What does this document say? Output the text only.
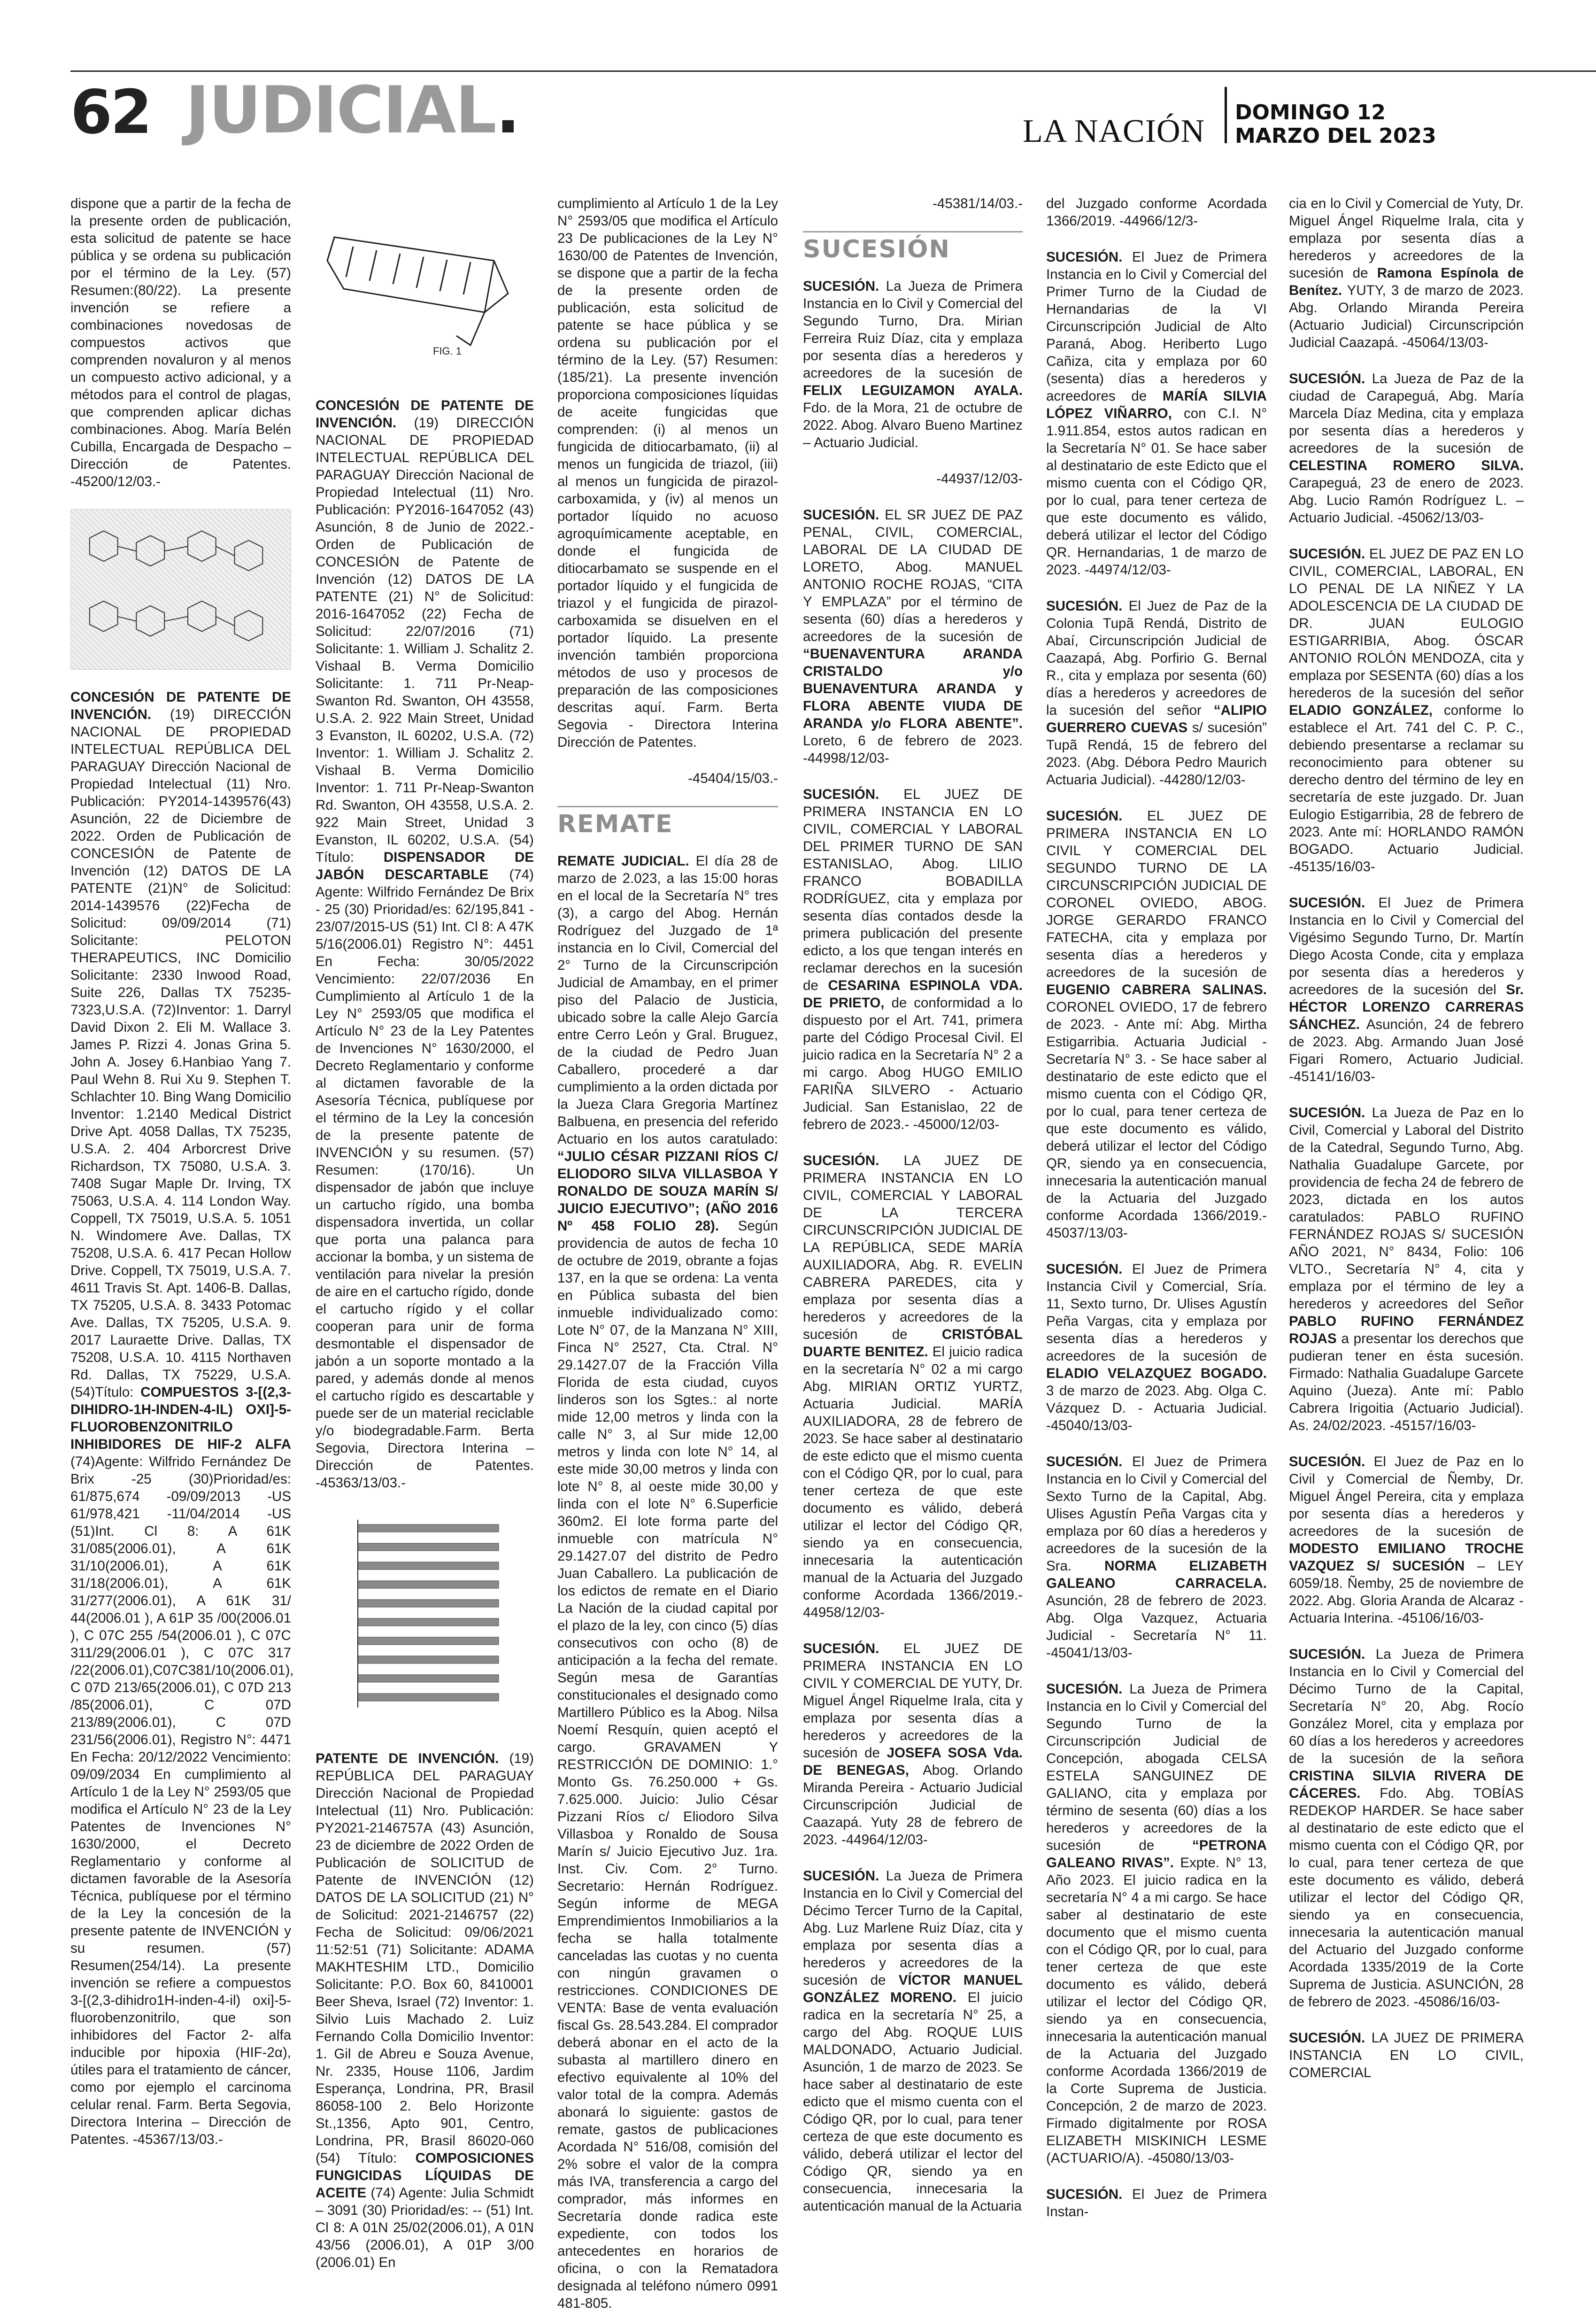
62 JUDICIAL.	LA NACIÓN
DOMINGO 12
MARZO DEL 2023

dispone que a partir de la fecha de la presente orden de publicación, esta solicitud de patente se hace pública y se ordena su publicación por el término de la Ley. (57) Resumen:(80/22). La presente invención se refiere a combinaciones novedosas de compuestos activos que comprenden novaluron y al menos un compuesto activo adicional, y a métodos para el control de plagas, que comprenden aplicar dichas combinaciones. Abog. María Belén Cubilla, Encargada de Despacho – Dirección de Patentes. -45200/12/03.-

CONCESIÓN DE PATENTE DE INVENCIÓN. (19) DIRECCIÓN NACIONAL DE PROPIEDAD INTELECTUAL REPÚBLICA DEL PARAGUAY Dirección Nacional de Propiedad Intelectual (11) Nro. Publicación: PY2014-1439576(43) Asunción, 22 de Diciembre de 2022. Orden de Publicación de CONCESIÓN de Patente de Invención (12) DATOS DE LA PATENTE (21)N° de Solicitud: 2014-1439576 (22)Fecha de Solicitud: 09/09/2014 (71) Solicitante: PELOTON THERAPEUTICS, INC Domicilio Solicitante: 2330 Inwood Road, Suite 226, Dallas TX 75235-7323,U.S.A. (72)Inventor: 1. Darryl David Dixon 2. Eli M. Wallace 3. James P. Rizzi 4. Jonas Grina 5. John A. Josey 6.Hanbiao Yang 7. Paul Wehn 8. Rui Xu 9. Stephen T. Schlachter 10. Bing Wang Domicilio Inventor: 1.2140 Medical District Drive Apt. 4058 Dallas, TX 75235, U.S.A. 2. 404 Arborcrest Drive Richardson, TX 75080, U.S.A. 3. 7408 Sugar Maple Dr. Irving, TX 75063, U.S.A. 4. 114 London Way. Coppell, TX 75019, U.S.A. 5. 1051 N. Windomere Ave. Dallas, TX 75208, U.S.A. 6. 417 Pecan Hollow Drive. Coppell, TX 75019, U.S.A. 7. 4611 Travis St. Apt. 1406-B. Dallas, TX 75205, U.S.A. 8. 3433 Potomac Ave. Dallas, TX 75205, U.S.A. 9. 2017 Lauraette Drive. Dallas, TX 75208, U.S.A. 10. 4115 Northaven Rd. Dallas, TX 75229, U.S.A. (54)Título: COMPUESTOS 3-[(2,3-DIHIDRO-1H-INDEN-4-IL) OXI]-5-FLUOROBENZONITRILO INHIBIDORES DE HIF-2 ALFA (74)Agente: Wilfrido Fernández De Brix -25 (30)Prioridad/es: 61/875,674 -09/09/2013 -US 61/978,421 -11/04/2014 -US (51)Int. Cl 8: A 61K 31/085(2006.01), A 61K 31/10(2006.01), A 61K 31/18(2006.01), A 61K 31/277(2006.01), A 61K 31/ 44(2006.01 ), A 61P 35 /00(2006.01 ), C 07C 255 /54(2006.01 ), C 07C 311/29(2006.01 ), C 07C 317 /22(2006.01),C07C381/10(2006.01), C 07D 213/65(2006.01), C 07D 213 /85(2006.01), C 07D 213/89(2006.01), C 07D 231/56(2006.01), Registro N°: 4471 En Fecha: 20/12/2022 Vencimiento: 09/09/2034 En cumplimiento al Artículo 1 de la Ley N° 2593/05 que modifica el Artículo N° 23 de la Ley Patentes de Invenciones N° 1630/2000, el Decreto Reglamentario y conforme al dictamen favorable de la Asesoría Técnica, publíquese por el término de la Ley la concesión de la presente patente de INVENCIÓN y su resumen. (57) Resumen(254/14). La presente invención se refiere a compuestos 3-[(2,3-dihidro1H-inden-4-il) oxi]-5-fluorobenzonitrilo, que son inhibidores del Factor 2- alfa inducible por hipoxia (HIF-2α), útiles para el tratamiento de cáncer, como por ejemplo el carcinoma celular renal. Farm. Berta Segovia, Directora Interina – Dirección de Patentes. -45367/13/03.-

FIG. 1

CONCESIÓN DE PATENTE DE INVENCIÓN. (19) DIRECCIÓN NACIONAL DE PROPIEDAD INTELECTUAL REPÚBLICA DEL PARAGUAY Dirección Nacional de Propiedad Intelectual (11) Nro. Publicación: PY2016-1647052 (43) Asunción, 8 de Junio de 2022.-Orden de Publicación de CONCESIÓN de Patente de Invención (12) DATOS DE LA PATENTE (21) N° de Solicitud: 2016-1647052 (22) Fecha de Solicitud: 22/07/2016 (71) Solicitante: 1. William J. Schalitz 2. Vishaal B. Verma Domicilio Solicitante: 1. 711 Pr-Neap-Swanton Rd. Swanton, OH 43558, U.S.A. 2. 922 Main Street, Unidad 3 Evanston, IL 60202, U.S.A. (72) Inventor: 1. William J. Schalitz 2. Vishaal B. Verma Domicilio Inventor: 1. 711 Pr-Neap-Swanton Rd. Swanton, OH 43558, U.S.A. 2. 922 Main Street, Unidad 3 Evanston, IL 60202, U.S.A. (54) Título: DISPENSADOR DE JABÓN DESCARTABLE (74) Agente: Wilfrido Fernández De Brix - 25 (30) Prioridad/es: 62/195,841 - 23/07/2015-US (51) Int. Cl 8: A 47K 5/16(2006.01) Registro N°: 4451 En Fecha: 30/05/2022 Vencimiento: 22/07/2036 En Cumplimiento al Artículo 1 de la Ley N° 2593/05 que modifica el Artículo N° 23 de la Ley Patentes de Invenciones N° 1630/2000, el Decreto Reglamentario y conforme al dictamen favorable de la Asesoría Técnica, publíquese por el término de la Ley la concesión de la presente patente de INVENCIÓN y su resumen. (57) Resumen: (170/16). Un dispensador de jabón que incluye un cartucho rígido, una bomba dispensadora invertida, un collar que porta una palanca para accionar la bomba, y un sistema de ventilación para nivelar la presión de aire en el cartucho rígido, donde el cartucho rígido y el collar cooperan para unir de forma desmontable el dispensador de jabón a un soporte montado a la pared, y además donde al menos el cartucho rígido es descartable y puede ser de un material reciclable y/o biodegradable.Farm. Berta Segovia, Directora Interina – Dirección de Patentes. -45363/13/03.-

PATENTE DE INVENCIÓN. (19) REPÚBLICA DEL PARAGUAY Dirección Nacional de Propiedad Intelectual (11) Nro. Publicación: PY2021-2146757A (43) Asunción, 23 de diciembre de 2022 Orden de Publicación de SOLICITUD de Patente de INVENCIÓN (12) DATOS DE LA SOLICITUD (21) N° de Solicitud: 2021-2146757 (22) Fecha de Solicitud: 09/06/2021 11:52:51 (71) Solicitante: ADAMA MAKHTESHIM LTD., Domicilio Solicitante: P.O. Box 60, 8410001 Beer Sheva, Israel (72) Inventor: 1. Silvio Luis Machado 2. Luiz Fernando Colla Domicilio Inventor: 1. Gil de Abreu e Souza Avenue, Nr. 2335, House 1106, Jardim Esperança, Londrina, PR, Brasil 86058-100 2. Belo Horizonte St.,1356, Apto 901, Centro, Londrina, PR, Brasil 86020-060 (54) Título: COMPOSICIONES FUNGICIDAS LÍQUIDAS DE ACEITE (74) Agente: Julia Schmidt – 3091 (30) Prioridad/es: -- (51) Int. Cl 8: A 01N 25/02(2006.01), A 01N 43/56 (2006.01), A 01P 3/00 (2006.01) En

cumplimiento al Artículo 1 de la Ley N° 2593/05 que modifica el Artículo 23 De publicaciones de la Ley N° 1630/00 de Patentes de Invención, se dispone que a partir de la fecha de la presente orden de publicación, esta solicitud de patente se hace pública y se ordena su publicación por el término de la Ley. (57) Resumen: (185/21). La presente invención proporciona composiciones líquidas de aceite fungicidas que comprenden: (i) al menos un fungicida de ditiocarbamato, (ii) al menos un fungicida de triazol, (iii) al menos un fungicida de pirazol-carboxamida, y (iv) al menos un portador líquido no acuoso agroquímicamente aceptable, en donde el fungicida de ditiocarbamato se suspende en el portador líquido y el fungicida de triazol y el fungicida de pirazol- carboxamida se disuelven en el portador líquido. La presente invención también proporciona métodos de uso y procesos de preparación de las composiciones descritas aquí. Farm. Berta Segovia - Directora Interina Dirección de Patentes.

-45404/15/03.-

REMATE

REMATE JUDICIAL. El día 28 de marzo de 2.023, a las 15:00 horas en el local de la Secretaría N° tres (3), a cargo del Abog. Hernán Rodríguez del Juzgado de 1ª instancia en lo Civil, Comercial del 2° Turno de la Circunscripción Judicial de Amambay, en el primer piso del Palacio de Justicia, ubicado sobre la calle Alejo García entre Cerro León y Gral. Bruguez, de la ciudad de Pedro Juan Caballero, procederé a dar cumplimiento a la orden dictada por la Jueza Clara Gregoria Martínez Balbuena, en presencia del referido Actuario en los autos caratulado: “JULIO CÉSAR PIZZANI RÍOS C/ ELIODORO SILVA VILLASBOA Y RONALDO DE SOUZA MARÍN S/ JUICIO EJECUTIVO”; (AÑO 2016 Nº 458 FOLIO 28). Según providencia de autos de fecha 10 de octubre de 2019, obrante a fojas 137, en la que se ordena: La venta en Pública subasta del bien inmueble individualizado como: Lote N° 07, de la Manzana N° XIII, Finca N° 2527, Cta. Ctral. N° 29.1427.07 de la Fracción Villa Florida de esta ciudad, cuyos linderos son los Sgtes.: al norte mide 12,00 metros y linda con la calle N° 3, al Sur mide 12,00 metros y linda con lote N° 14, al este mide 30,00 metros y linda con lote N° 8, al oeste mide 30,00 y linda con el lote N° 6.Superficie 360m2. El lote forma parte del inmueble con matrícula N° 29.1427.07 del distrito de Pedro Juan Caballero. La publicación de los edictos de remate en el Diario La Nación de la ciudad capital por el plazo de la ley, con cinco (5) días consecutivos con ocho (8) de anticipación a la fecha del remate. Según mesa de Garantías constitucionales el designado como Martillero Público es la Abog. Nilsa Noemí Resquín, quien aceptó el cargo. GRAVAMEN Y RESTRICCIÓN DE DOMINIO: 1.° Monto Gs. 76.250.000 + Gs. 7.625.000. Juicio: Julio César Pizzani Ríos c/ Eliodoro Silva Villasboa y Ronaldo de Sousa Marín s/ Juicio Ejecutivo Juz. 1ra. Inst. Civ. Com. 2° Turno. Secretario: Hernán Rodríguez. Según informe de MEGA Emprendimientos Inmobiliarios a la fecha se halla totalmente canceladas las cuotas y no cuenta con ningún gravamen o restricciones. CONDICIONES DE VENTA: Base de venta evaluación fiscal Gs. 28.543.284. El comprador deberá abonar en el acto de la subasta al martillero dinero en efectivo equivalente al 10% del valor total de la compra. Además abonará lo siguiente: gastos de remate, gastos de publicaciones Acordada N° 516/08, comisión del 2% sobre el valor de la compra más IVA, transferencia a cargo del comprador, más informes en Secretaría donde radica este expediente, con todos los antecedentes en horarios de oficina, o con la Rematadora designada al teléfono número 0991 481-805.

-45381/14/03.-

SUCESIÓN

SUCESIÓN. La Jueza de Primera Instancia en lo Civil y Comercial del Segundo Turno, Dra. Mirian Ferreira Ruiz Díaz, cita y emplaza por sesenta días a herederos y acreedores de la sucesión de FELIX LEGUIZAMON AYALA. Fdo. de la Mora, 21 de octubre de 2022. Abog. Alvaro Bueno Martinez – Actuario Judicial.

-44937/12/03-

SUCESIÓN. EL SR JUEZ DE PAZ PENAL, CIVIL, COMERCIAL, LABORAL DE LA CIUDAD DE LORETO, Abog. MANUEL ANTONIO ROCHE ROJAS, “CITA Y EMPLAZA” por el término de sesenta (60) días a herederos y acreedores de la sucesión de “BUENAVENTURA ARANDA CRISTALDO y/o BUENAVENTURA ARANDA y FLORA ABENTE VIUDA DE ARANDA y/o FLORA ABENTE”. Loreto, 6 de febrero de 2023. -44998/12/03-

SUCESIÓN. EL JUEZ DE PRIMERA INSTANCIA EN LO CIVIL, COMERCIAL Y LABORAL DEL PRIMER TURNO DE SAN ESTANISLAO, Abog. LILIO FRANCO BOBADILLA RODRÍGUEZ, cita y emplaza por sesenta días contados desde la primera publicación del presente edicto, a los que tengan interés en reclamar derechos en la sucesión de CESARINA ESPINOLA VDA. DE PRIETO, de conformidad a lo dispuesto por el Art. 741, primera parte del Código Procesal Civil. El juicio radica en la Secretaría N° 2 a mi cargo. Abog HUGO EMILIO FARIÑA SILVERO - Actuario Judicial. San Estanislao, 22 de febrero de 2023.- -45000/12/03-

SUCESIÓN. LA JUEZ DE PRIMERA INSTANCIA EN LO CIVIL, COMERCIAL Y LABORAL DE LA TERCERA CIRCUNSCRIPCIÓN JUDICIAL DE LA REPÚBLICA, SEDE MARÍA AUXILIADORA, Abg. R. EVELIN CABRERA PAREDES, cita y emplaza por sesenta días a herederos y acreedores de la sucesión de CRISTÓBAL DUARTE BENITEZ. El juicio radica en la secretaría N° 02 a mi cargo Abg. MIRIAN ORTIZ YURTZ, Actuaria Judicial. MARÍA AUXILIADORA, 28 de febrero de 2023. Se hace saber al destinatario de este edicto que el mismo cuenta con el Código QR, por lo cual, para tener certeza de que este documento es válido, deberá utilizar el lector del Código QR, siendo ya en consecuencia, innecesaria la autenticación manual de la Actuaria del Juzgado conforme Acordada 1366/2019.- 44958/12/03-

SUCESIÓN. EL JUEZ DE PRIMERA INSTANCIA EN LO CIVIL Y COMERCIAL DE YUTY, Dr. Miguel Ángel Riquelme Irala, cita y emplaza por sesenta días a herederos y acreedores de la sucesión de JOSEFA SOSA Vda. DE BENEGAS, Abog. Orlando Miranda Pereira - Actuario Judicial Circunscripción Judicial de Caazapá. Yuty 28 de febrero de 2023. -44964/12/03-

SUCESIÓN. La Jueza de Primera Instancia en lo Civil y Comercial del Décimo Tercer Turno de la Capital, Abg. Luz Marlene Ruiz Díaz, cita y emplaza por sesenta días a herederos y acreedores de la sucesión de VÍCTOR MANUEL GONZÁLEZ MORENO. El juicio radica en la secretaría N° 25, a cargo del Abg. ROQUE LUIS MALDONADO, Actuario Judicial. Asunción, 1 de marzo de 2023. Se hace saber al destinatario de este edicto que el mismo cuenta con el Código QR, por lo cual, para tener certeza de que este documento es válido, deberá utilizar el lector del Código QR, siendo ya en consecuencia, innecesaria la autenticación manual de la Actuaria

del Juzgado conforme Acordada 1366/2019. -44966/12/3-

SUCESIÓN. El Juez de Primera Instancia en lo Civil y Comercial del Primer Turno de la Ciudad de Hernandarias de la VI Circunscripción Judicial de Alto Paraná, Abog. Heriberto Lugo Cañiza, cita y emplaza por 60 (sesenta) días a herederos y acreedores de MARÍA SILVIA LÓPEZ VIÑARRO, con C.I. N° 1.911.854, estos autos radican en la Secretaría N° 01. Se hace saber al destinatario de este Edicto que el mismo cuenta con el Código QR, por lo cual, para tener certeza de que este documento es válido, deberá utilizar el lector del Código QR. Hernandarias, 1 de marzo de 2023. -44974/12/03-

SUCESIÓN. El Juez de Paz de la Colonia Tupã Rendá, Distrito de Abaí, Circunscripción Judicial de Caazapá, Abg. Porfirio G. Bernal R., cita y emplaza por sesenta (60) días a herederos y acreedores de la sucesión del señor “ALIPIO GUERRERO CUEVAS s/ sucesión” Tupã Rendá, 15 de febrero del 2023. (Abg. Débora Pedro Maurich Actuaria Judicial). -44280/12/03-

SUCESIÓN. EL JUEZ DE PRIMERA INSTANCIA EN LO CIVIL Y COMERCIAL DEL SEGUNDO TURNO DE LA CIRCUNSCRIPCIÓN JUDICIAL DE CORONEL OVIEDO, ABOG. JORGE GERARDO FRANCO FATECHA, cita y emplaza por sesenta días a herederos y acreedores de la sucesión de EUGENIO CABRERA SALINAS. CORONEL OVIEDO, 17 de febrero de 2023. - Ante mí: Abg. Mirtha Estigarribia. Actuaria Judicial - Secretaría N° 3. - Se hace saber al destinatario de este edicto que el mismo cuenta con el Código QR, por lo cual, para tener certeza de que este documento es válido, deberá utilizar el lector del Código QR, siendo ya en consecuencia, innecesaria la autenticación manual de la Actuaria del Juzgado conforme Acordada 1366/2019.- 45037/13/03-

SUCESIÓN. El Juez de Primera Instancia Civil y Comercial, Sría. 11, Sexto turno, Dr. Ulises Agustín Peña Vargas, cita y emplaza por sesenta días a herederos y acreedores de la sucesión de ELADIO VELAZQUEZ BOGADO. 3 de marzo de 2023. Abg. Olga C. Vázquez D. - Actuaria Judicial. -45040/13/03-

SUCESIÓN. El Juez de Primera Instancia en lo Civil y Comercial del Sexto Turno de la Capital, Abg. Ulises Agustín Peña Vargas cita y emplaza por 60 días a herederos y acreedores de la sucesión de la Sra. NORMA ELIZABETH GALEANO CARRACELA. Asunción, 28 de febrero de 2023. Abg. Olga Vazquez, Actuaria Judicial - Secretaría N° 11. -45041/13/03-

SUCESIÓN. La Jueza de Primera Instancia en lo Civil y Comercial del Segundo Turno de la Circunscripción Judicial de Concepción, abogada CELSA ESTELA SANGUINEZ DE GALIANO, cita y emplaza por término de sesenta (60) días a los herederos y acreedores de la sucesión de “PETRONA GALEANO RIVAS”. Expte. N° 13, Año 2023. El juicio radica en la secretaría N° 4 a mi cargo. Se hace saber al destinatario de este documento que el mismo cuenta con el Código QR, por lo cual, para tener certeza de que este documento es válido, deberá utilizar el lector del Código QR, siendo ya en consecuencia, innecesaria la autenticación manual de la Actuaria del Juzgado conforme Acordada 1366/2019 de la Corte Suprema de Justicia. Concepción, 2 de marzo de 2023. Firmado digitalmente por ROSA ELIZABETH MISKINICH LESME (ACTUARIO/A). -45080/13/03-

SUCESIÓN. El Juez de Primera Instan-

cia en lo Civil y Comercial de Yuty, Dr. Miguel Ángel Riquelme Irala, cita y emplaza por sesenta días a herederos y acreedores de la sucesión de Ramona Espínola de Benítez. YUTY, 3 de marzo de 2023. Abg. Orlando Miranda Pereira (Actuario Judicial) Circunscripción Judicial Caazapá. -45064/13/03-

SUCESIÓN. La Jueza de Paz de la ciudad de Carapeguá, Abg. María Marcela Díaz Medina, cita y emplaza por sesenta días a herederos y acreedores de la sucesión de CELESTINA ROMERO SILVA. Carapeguá, 23 de enero de 2023. Abg. Lucio Ramón Rodríguez L. – Actuario Judicial. -45062/13/03-

SUCESIÓN. EL JUEZ DE PAZ EN LO CIVIL, COMERCIAL, LABORAL, EN LO PENAL DE LA NIÑEZ Y LA ADOLESCENCIA DE LA CIUDAD DE DR. JUAN EULOGIO ESTIGARRIBIA, Abog. ÓSCAR ANTONIO ROLÓN MENDOZA, cita y emplaza por SESENTA (60) días a los herederos de la sucesión del señor ELADIO GONZÁLEZ, conforme lo establece el Art. 741 del C. P. C., debiendo presentarse a reclamar su reconocimiento para obtener su derecho dentro del término de ley en secretaría de este juzgado. Dr. Juan Eulogio Estigarribia, 28 de febrero de 2023. Ante mí: HORLANDO RAMÓN BOGADO. Actuario Judicial. -45135/16/03-

SUCESIÓN. El Juez de Primera Instancia en lo Civil y Comercial del Vigésimo Segundo Turno, Dr. Martín Diego Acosta Conde, cita y emplaza por sesenta días a herederos y acreedores de la sucesión del Sr. HÉCTOR LORENZO CARRERAS SÁNCHEZ. Asunción, 24 de febrero de 2023. Abg. Armando Juan José Figari Romero, Actuario Judicial. -45141/16/03-

SUCESIÓN. La Jueza de Paz en lo Civil, Comercial y Laboral del Distrito de la Catedral, Segundo Turno, Abg. Nathalia Guadalupe Garcete, por providencia de fecha 24 de febrero de 2023, dictada en los autos caratulados: PABLO RUFINO FERNÁNDEZ ROJAS S/ SUCESIÓN AÑO 2021, N° 8434, Folio: 106 VLTO., Secretaría N° 4, cita y emplaza por el término de ley a herederos y acreedores del Señor PABLO RUFINO FERNÁNDEZ ROJAS a presentar los derechos que pudieran tener en ésta sucesión. Firmado: Nathalia Guadalupe Garcete Aquino (Jueza). Ante mí: Pablo Cabrera Irigoitia (Actuario Judicial). As. 24/02/2023. -45157/16/03-

SUCESIÓN. El Juez de Paz en lo Civil y Comercial de Ñemby, Dr. Miguel Ángel Pereira, cita y emplaza por sesenta días a herederos y acreedores de la sucesión de MODESTO EMILIANO TROCHE VAZQUEZ S/ SUCESIÓN – LEY 6059/18. Ñemby, 25 de noviembre de 2022. Abg. Gloria Aranda de Alcaraz - Actuaria Interina. -45106/16/03-

SUCESIÓN. La Jueza de Primera Instancia en lo Civil y Comercial del Décimo Turno de la Capital, Secretaría N° 20, Abg. Rocío González Morel, cita y emplaza por 60 días a los herederos y acreedores de la sucesión de la señora CRISTINA SILVIA RIVERA DE CÁCERES. Fdo. Abg. TOBÍAS REDEKOP HARDER. Se hace saber al destinatario de este edicto que el mismo cuenta con el Código QR, por lo cual, para tener certeza de que este documento es válido, deberá utilizar el lector del Código QR, siendo ya en consecuencia, innecesaria la autenticación manual del Actuario del Juzgado conforme Acordada 1335/2019 de la Corte Suprema de Justicia. ASUNCIÓN, 28 de febrero de 2023. -45086/16/03-

SUCESIÓN. LA JUEZ DE PRIMERA INSTANCIA EN LO CIVIL, COMERCIAL
